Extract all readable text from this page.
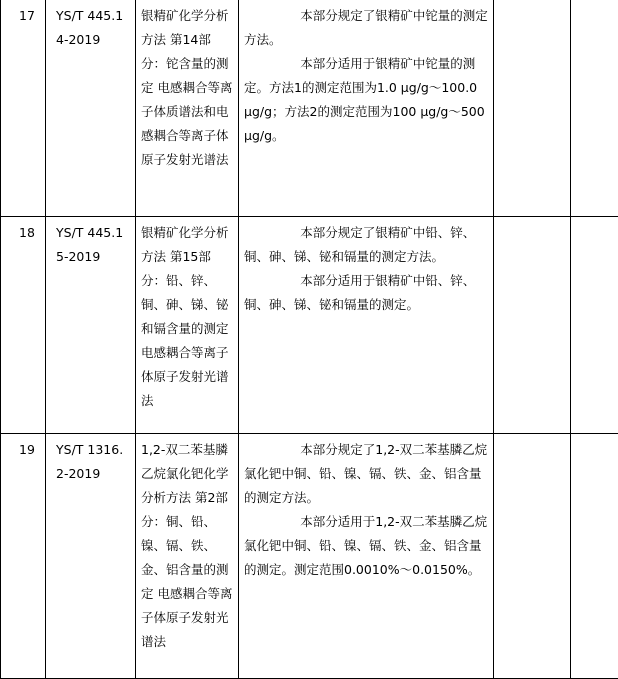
17	YS/T 445.14-2019	银精矿化学分析方法 第14部分：铊含量的测定 电感耦合等离子体质谱法和电感耦合等离子体原子发射光谱法	本部分规定了银精矿中铊量的测定方法。

本部分适用于银精矿中铊量的测定。方法1的测定范围为1.0 μg/g～100.0 μg/g；方法2的测定范围为100 μg/g～500 μg/g。		

18	YS/T 445.15-2019	银精矿化学分析方法 第15部分：铅、锌、铜、砷、锑、铋和镉含量的测定 电感耦合等离子体原子发射光谱法	本部分规定了银精矿中铅、锌、铜、砷、锑、铋和镉量的测定方法。

本部分适用于银精矿中铅、锌、铜、砷、锑、铋和镉量的测定。		

19	YS/T 1316.2-2019	1,2-双二苯基膦乙烷氯化钯化学分析方法 第2部分：铜、铅、镍、镉、铁、金、铝含量的测定 电感耦合等离子体原子发射光谱法	本部分规定了1,2-双二苯基膦乙烷氯化钯中铜、铅、镍、镉、铁、金、铝含量的测定方法。

本部分适用于1,2-双二苯基膦乙烷氯化钯中铜、铅、镍、镉、铁、金、铝含量的测定。测定范围0.0010%～0.0150%。		
